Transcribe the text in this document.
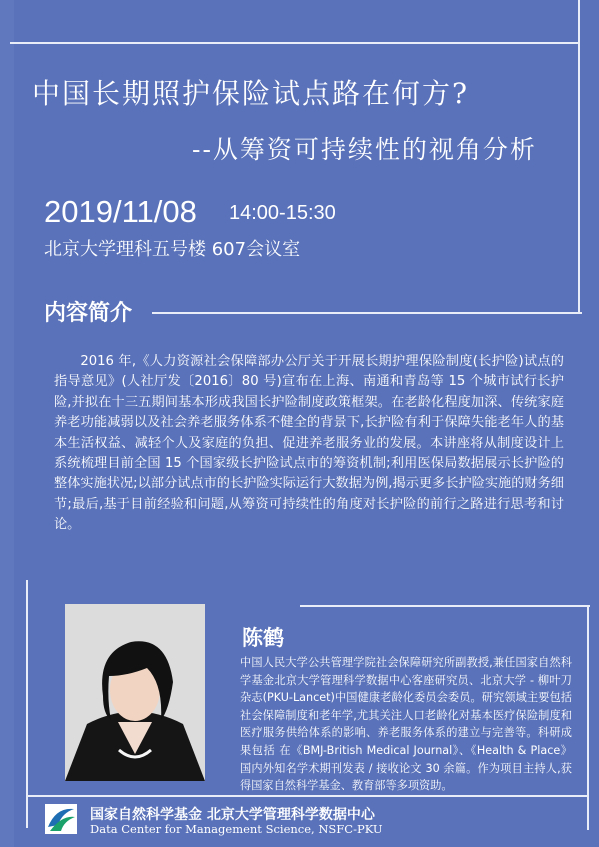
中国长期照护保险试点路在何方?
--从筹资可持续性的视角分析
2019/11/08 14:00-15:30
北京大学理科五号楼 607会议室
内容简介
2016 年,《人力资源社会保障部办公厅关于开展长期护理保险制度(长护险)试点的指导意见》(人社厅发〔2016〕80 号)宣布在上海、南通和青岛等 15 个城市试行长护险,并拟在十三五期间基本形成我国长护险制度政策框架。在老龄化程度加深、传统家庭养老功能减弱以及社会养老服务体系不健全的背景下,长护险有利于保障失能老年人的基本生活权益、减轻个人及家庭的负担、促进养老服务业的发展。本讲座将从制度设计上系统梳理目前全国 15 个国家级长护险试点市的筹资机制;利用医保局数据展示长护险的整体实施状况;以部分试点市的长护险实际运行大数据为例,揭示更多长护险实施的财务细节;最后,基于目前经验和问题,从筹资可持续性的角度对长护险的前行之路进行思考和讨论。
陈鹤
中国人民大学公共管理学院社会保障研究所副教授,兼任国家自然科学基金北京大学管理科学数据中心客座研究员、北京大学 - 柳叶刀杂志(PKU-Lancet)中国健康老龄化委员会委员。研究领域主要包括社会保障制度和老年学,尤其关注人口老龄化对基本医疗保险制度和医疗服务供给体系的影响、养老服务体系的建立与完善等。科研成果包括 在《BMJ-British Medical Journal》、《Health & Place》国内外知名学术期刊发表 / 接收论文 30 余篇。作为项目主持人,获得国家自然科学基金、教育部等多项资助。
国家自然科学基金 北京大学管理科学数据中心
Data Center for Management Science, NSFC-PKU
